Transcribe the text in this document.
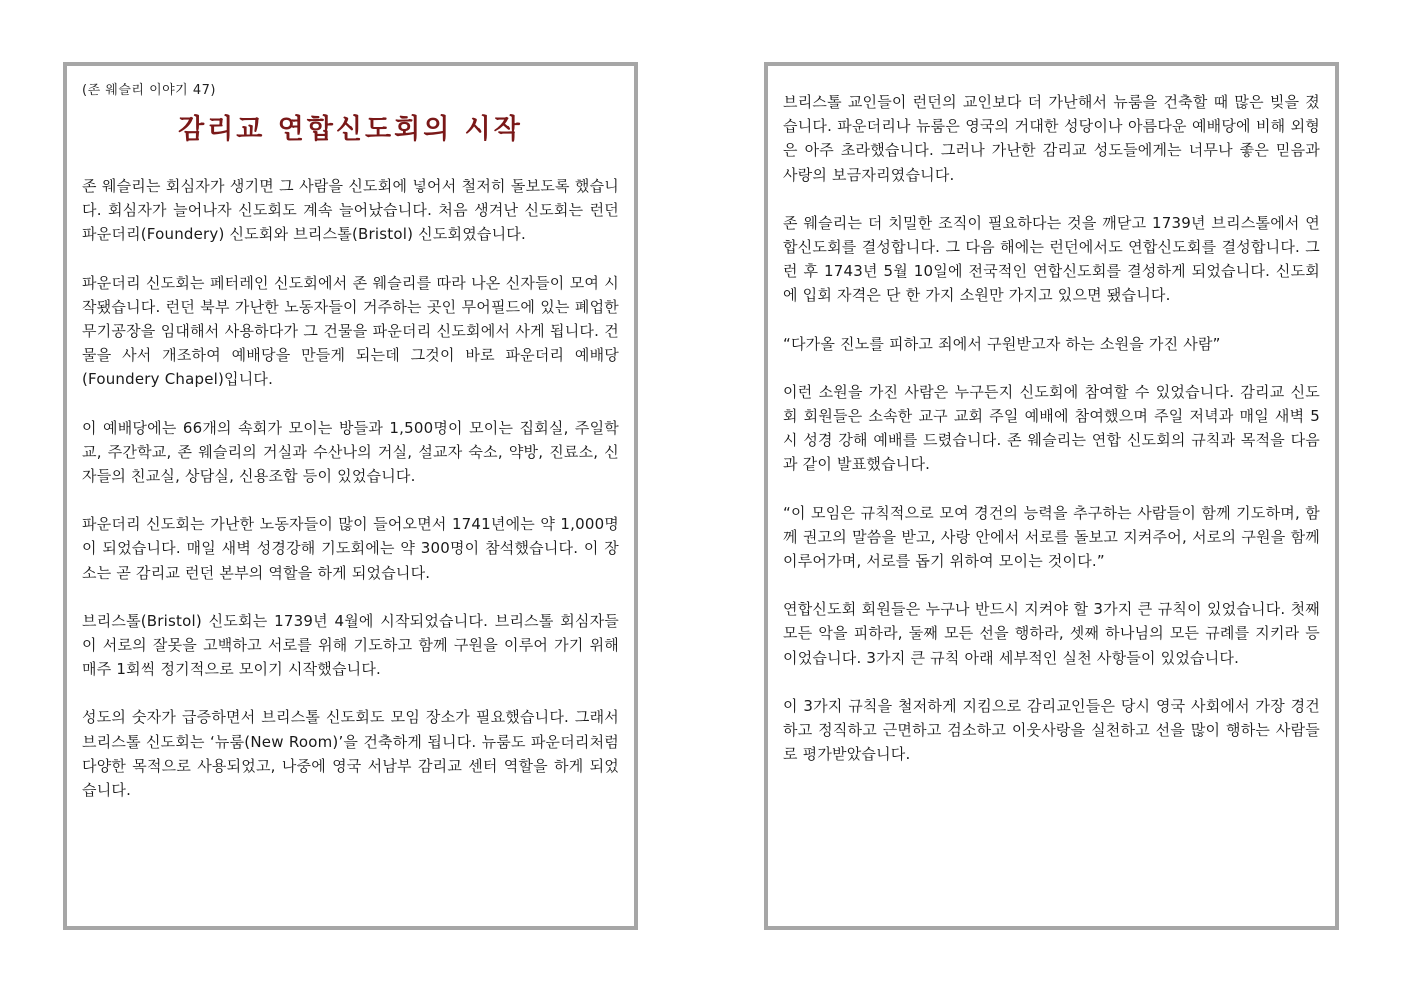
(존 웨슬리 이야기 47)
감리교 연합신도회의 시작

존 웨슬리는 회심자가 생기면 그 사람을 신도회에 넣어서 철저히 돌보도록 했습니다. 회심자가 늘어나자 신도회도 계속 늘어났습니다. 처음 생겨난 신도회는 런던 파운더리(Foundery) 신도회와 브리스톨(Bristol) 신도회였습니다.

파운더리 신도회는 페터레인 신도회에서 존 웨슬리를 따라 나온 신자들이 모여 시작됐습니다. 런던 북부 가난한 노동자들이 거주하는 곳인 무어필드에 있는 폐업한 무기공장을 임대해서 사용하다가 그 건물을 파운더리 신도회에서 사게 됩니다. 건물을 사서 개조하여 예배당을 만들게 되는데 그것이 바로 파운더리 예배당(Foundery Chapel)입니다.

이 예배당에는 66개의 속회가 모이는 방들과 1,500명이 모이는 집회실, 주일학교, 주간학교, 존 웨슬리의 거실과 수산나의 거실, 설교자 숙소, 약방, 진료소, 신자들의 친교실, 상담실, 신용조합 등이 있었습니다.

파운더리 신도회는 가난한 노동자들이 많이 들어오면서 1741년에는 약 1,000명이 되었습니다. 매일 새벽 성경강해 기도회에는 약 300명이 참석했습니다. 이 장소는 곧 감리교 런던 본부의 역할을 하게 되었습니다.

브리스톨(Bristol) 신도회는 1739년 4월에 시작되었습니다. 브리스톨 회심자들이 서로의 잘못을 고백하고 서로를 위해 기도하고 함께 구원을 이루어 가기 위해 매주 1회씩 정기적으로 모이기 시작했습니다.

성도의 숫자가 급증하면서 브리스톨 신도회도 모임 장소가 필요했습니다. 그래서 브리스톨 신도회는 ‘뉴룸(New Room)’을 건축하게 됩니다. 뉴룸도 파운더리처럼 다양한 목적으로 사용되었고, 나중에 영국 서남부 감리교 센터 역할을 하게 되었습니다.

브리스톨 교인들이 런던의 교인보다 더 가난해서 뉴룸을 건축할 때 많은 빚을 졌습니다. 파운더리나 뉴룸은 영국의 거대한 성당이나 아름다운 예배당에 비해 외형은 아주 초라했습니다. 그러나 가난한 감리교 성도들에게는 너무나 좋은 믿음과 사랑의 보금자리였습니다.

존 웨슬리는 더 치밀한 조직이 필요하다는 것을 깨닫고 1739년 브리스톨에서 연합신도회를 결성합니다. 그 다음 해에는 런던에서도 연합신도회를 결성합니다. 그런 후 1743년 5월 10일에 전국적인 연합신도회를 결성하게 되었습니다. 신도회에 입회 자격은 단 한 가지 소원만 가지고 있으면 됐습니다.

“다가올 진노를 피하고 죄에서 구원받고자 하는 소원을 가진 사람”

이런 소원을 가진 사람은 누구든지 신도회에 참여할 수 있었습니다. 감리교 신도회 회원들은 소속한 교구 교회 주일 예배에 참여했으며 주일 저녁과 매일 새벽 5시 성경 강해 예배를 드렸습니다. 존 웨슬리는 연합 신도회의 규칙과 목적을 다음과 같이 발표했습니다.

“이 모임은 규칙적으로 모여 경건의 능력을 추구하는 사람들이 함께 기도하며, 함께 권고의 말씀을 받고, 사랑 안에서 서로를 돌보고 지켜주어, 서로의 구원을 함께 이루어가며, 서로를 돕기 위하여 모이는 것이다.”

연합신도회 회원들은 누구나 반드시 지켜야 할 3가지 큰 규칙이 있었습니다. 첫째 모든 악을 피하라, 둘째 모든 선을 행하라, 셋째 하나님의 모든 규례를 지키라 등이었습니다. 3가지 큰 규칙 아래 세부적인 실천 사항들이 있었습니다.

이 3가지 규칙을 철저하게 지킴으로 감리교인들은 당시 영국 사회에서 가장 경건하고 정직하고 근면하고 검소하고 이웃사랑을 실천하고 선을 많이 행하는 사람들로 평가받았습니다.
